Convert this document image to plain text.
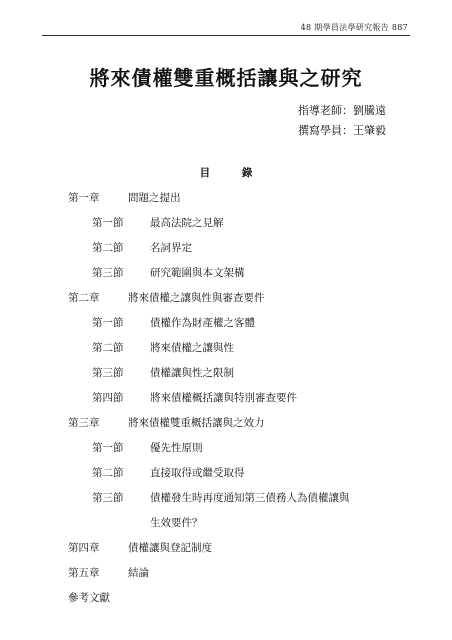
48 期學員法學研究報告 887
將來債權雙重概括讓與之研究
指導老師：劉騰遠
撰寫學員：王肇毅
目 錄
第一章	問題之提出
第一節	最高法院之見解
第二節	名詞界定
第三節	研究範圍與本文架構
第二章	將來債權之讓與性與審查要件
第一節	債權作為財產權之客體
第二節	將來債權之讓與性
第三節	債權讓與性之限制
第四節	將來債權概括讓與特別審查要件
第三章	將來債權雙重概括讓與之效力
第一節	優先性原則
第二節	直接取得或繼受取得
第三節	債權發生時再度通知第三債務人為債權讓與
生效要件？
第四章	債權讓與登記制度
第五章	結論
參考文獻
